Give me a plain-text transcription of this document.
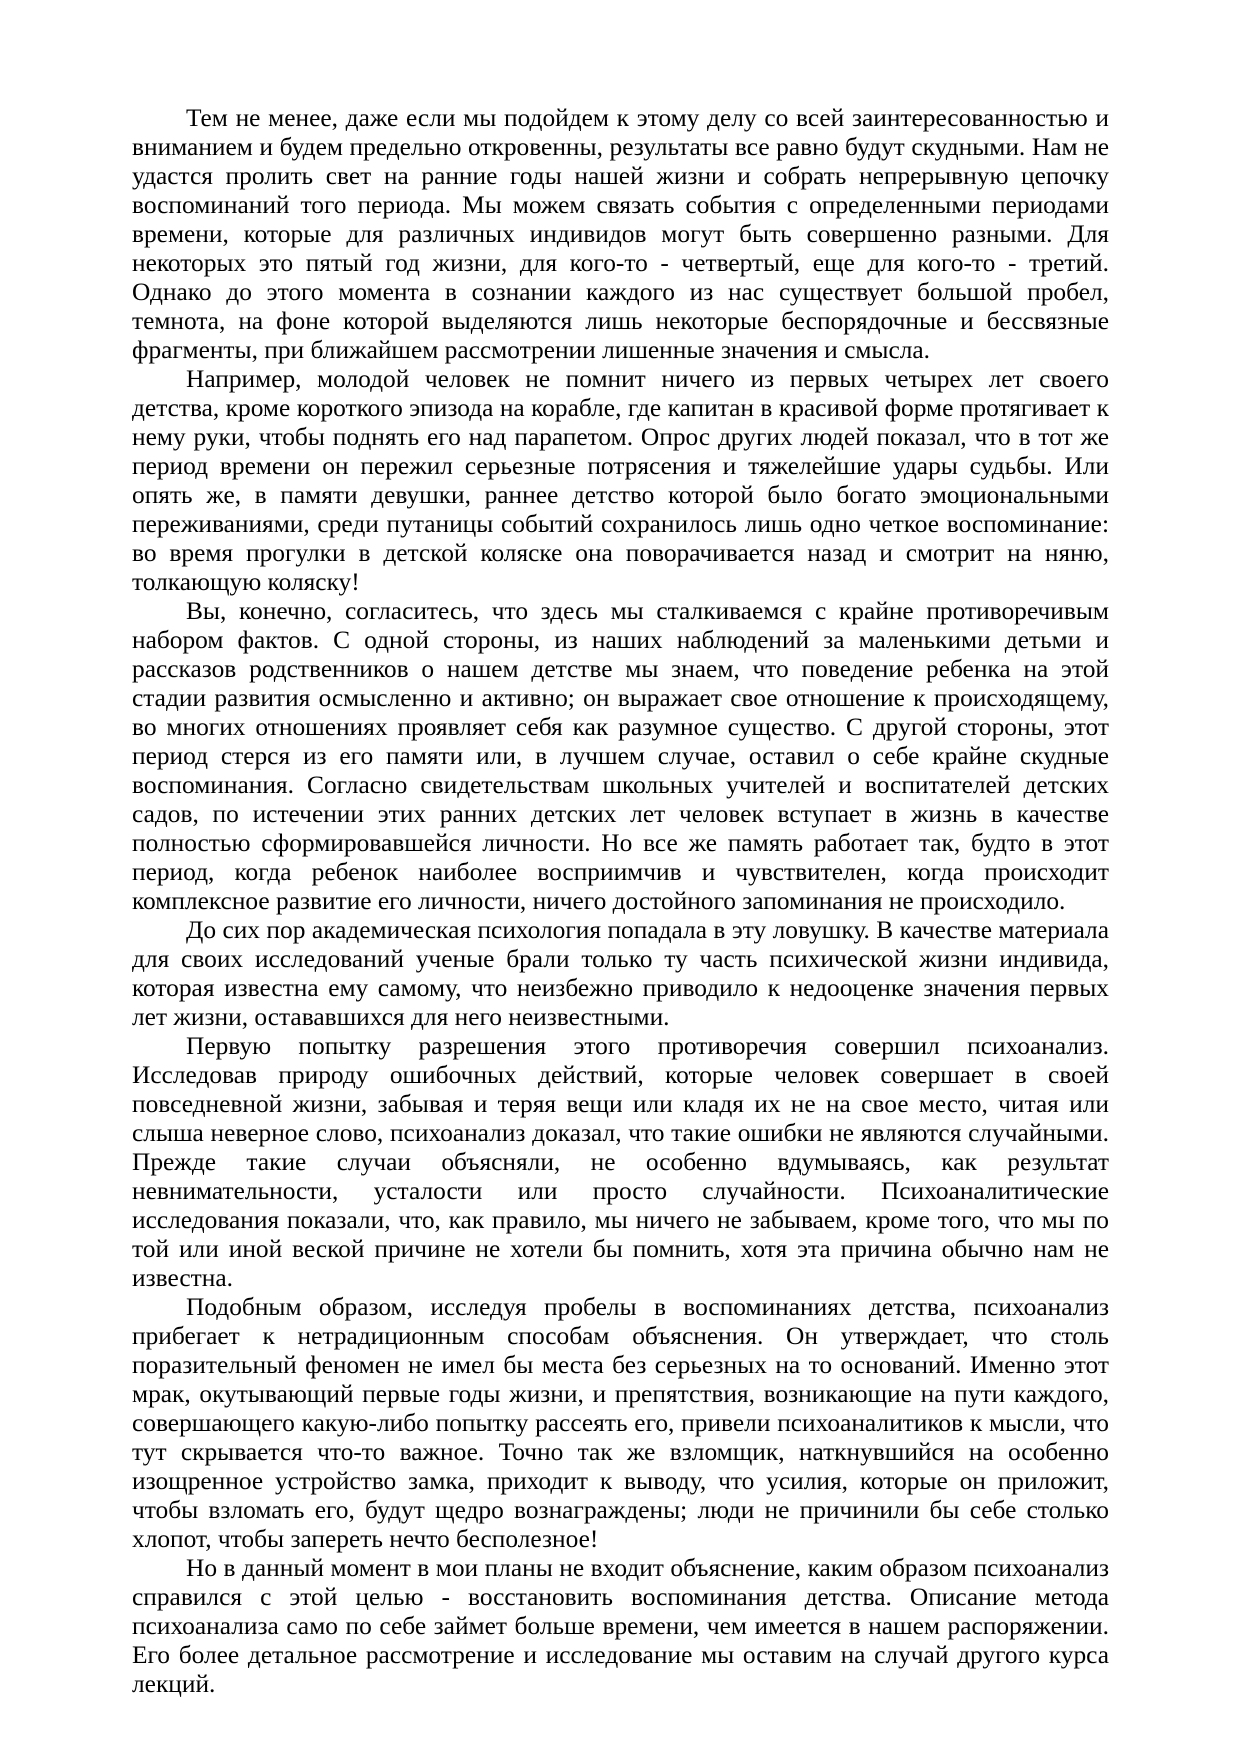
Тем не менее, даже если мы подойдем к этому делу со всей заинтересованностью и вниманием и будем предельно откровенны, результаты все равно будут скудными. Нам не удастся пролить свет на ранние годы нашей жизни и собрать непрерывную цепочку воспоминаний того периода. Мы можем связать события с определенными периодами времени, которые для различных индивидов могут быть совершенно разными. Для некоторых это пятый год жизни, для кого-то - четвертый, еще для кого-то - третий. Однако до этого момента в сознании каждого из нас существует большой пробел, темнота, на фоне которой выделяются лишь некоторые беспорядочные и бессвязные фрагменты, при ближайшем рассмотрении лишенные значения и смысла.

Например, молодой человек не помнит ничего из первых четырех лет своего детства, кроме короткого эпизода на корабле, где капитан в красивой форме протягивает к нему руки, чтобы поднять его над парапетом. Опрос других людей показал, что в тот же период времени он пережил серьезные потрясения и тяжелейшие удары судьбы. Или опять же, в памяти девушки, раннее детство которой было богато эмоциональными переживаниями, среди путаницы событий сохранилось лишь одно четкое воспоминание: во время прогулки в детской коляске она поворачивается назад и смотрит на няню, толкающую коляску!

Вы, конечно, согласитесь, что здесь мы сталкиваемся с крайне противоречивым набором фактов. С одной стороны, из наших наблюдений за маленькими детьми и рассказов родственников о нашем детстве мы знаем, что поведение ребенка на этой стадии развития осмысленно и активно; он выражает свое отношение к происходящему, во многих отношениях проявляет себя как разумное существо. С другой стороны, этот период стерся из его памяти или, в лучшем случае, оставил о себе крайне скудные воспоминания. Согласно свидетельствам школьных учителей и воспитателей детских садов, по истечении этих ранних детских лет человек вступает в жизнь в качестве полностью сформировавшейся личности. Но все же память работает так, будто в этот период, когда ребенок наиболее восприимчив и чувствителен, когда происходит комплексное развитие его личности, ничего достойного запоминания не происходило.

До сих пор академическая психология попадала в эту ловушку. В качестве материала для своих исследований ученые брали только ту часть психической жизни индивида, которая известна ему самому, что неизбежно приводило к недооценке значения первых лет жизни, остававшихся для него неизвестными.

Первую попытку разрешения этого противоречия совершил психоанализ. Исследовав природу ошибочных действий, которые человек совершает в своей повседневной жизни, забывая и теряя вещи или кладя их не на свое место, читая или слыша неверное слово, психоанализ доказал, что такие ошибки не являются случайными. Прежде такие случаи объясняли, не особенно вдумываясь, как результат невнимательности, усталости или просто случайности. Психоаналитические исследования показали, что, как правило, мы ничего не забываем, кроме того, что мы по той или иной веской причине не хотели бы помнить, хотя эта причина обычно нам не известна.

Подобным образом, исследуя пробелы в воспоминаниях детства, психоанализ прибегает к нетрадиционным способам объяснения. Он утверждает, что столь поразительный феномен не имел бы места без серьезных на то оснований. Именно этот мрак, окутывающий первые годы жизни, и препятствия, возникающие на пути каждого, совершающего какую-либо попытку рассеять его, привели психоаналитиков к мысли, что тут скрывается что-то важное. Точно так же взломщик, наткнувшийся на особенно изощренное устройство замка, приходит к выводу, что усилия, которые он приложит, чтобы взломать его, будут щедро вознаграждены; люди не причинили бы себе столько хлопот, чтобы запереть нечто бесполезное!

Но в данный момент в мои планы не входит объяснение, каким образом психоанализ справился с этой целью - восстановить воспоминания детства. Описание метода психоанализа само по себе займет больше времени, чем имеется в нашем распоряжении. Его более детальное рассмотрение и исследование мы оставим на случай другого курса лекций.
